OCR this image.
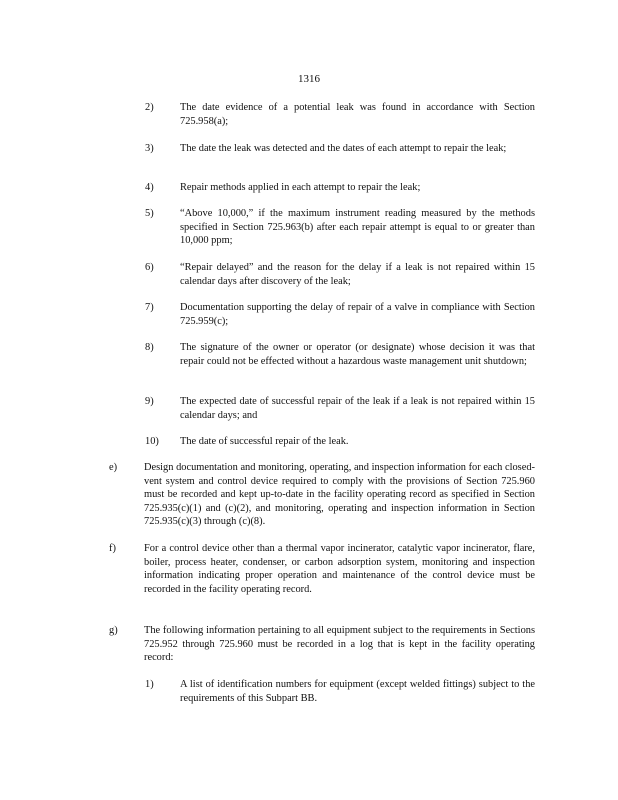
1316
2)	The date evidence of a potential leak was found in accordance with Section 725.958(a);
3)	The date the leak was detected and the dates of each attempt to repair the leak;
4)	Repair methods applied in each attempt to repair the leak;
5)	“Above 10,000,” if the maximum instrument reading measured by the methods specified in Section 725.963(b) after each repair attempt is equal to or greater than 10,000 ppm;
6)	“Repair delayed” and the reason for the delay if a leak is not repaired within 15 calendar days after discovery of the leak;
7)	Documentation supporting the delay of repair of a valve in compliance with Section 725.959(c);
8)	The signature of the owner or operator (or designate) whose decision it was that repair could not be effected without a hazardous waste management unit shutdown;
9)	The expected date of successful repair of the leak if a leak is not repaired within 15 calendar days; and
10)	The date of successful repair of the leak.
e)	Design documentation and monitoring, operating, and inspection information for each closed-vent system and control device required to comply with the provisions of Section 725.960 must be recorded and kept up-to-date in the facility operating record as specified in Section 725.935(c)(1) and (c)(2), and monitoring, operating and inspection information in Section 725.935(c)(3) through (c)(8).
f)	For a control device other than a thermal vapor incinerator, catalytic vapor incinerator, flare, boiler, process heater, condenser, or carbon adsorption system, monitoring and inspection information indicating proper operation and maintenance of the control device must be recorded in the facility operating record.
g)	The following information pertaining to all equipment subject to the requirements in Sections 725.952 through 725.960 must be recorded in a log that is kept in the facility operating record:
1)	A list of identification numbers for equipment (except welded fittings) subject to the requirements of this Subpart BB.
